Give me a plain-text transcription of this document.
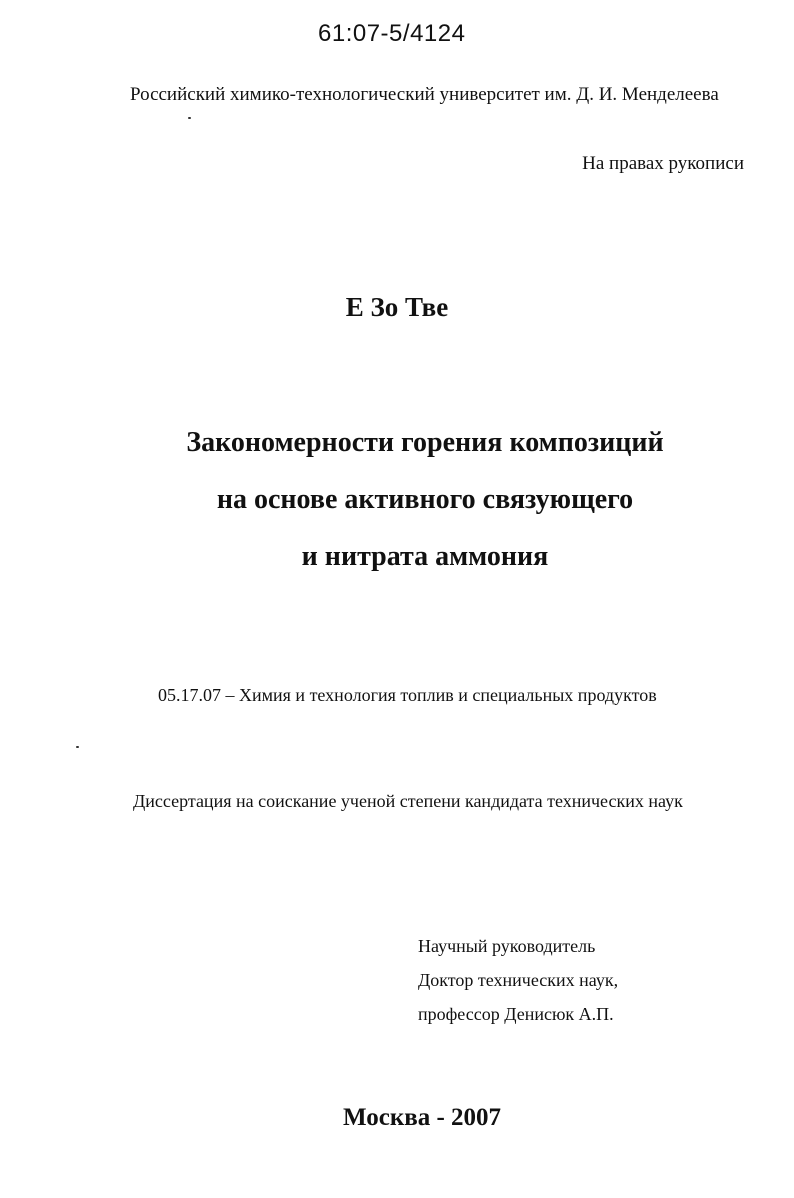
61:07-5/4124
Российский химико-технологический университет им. Д. И. Менделеева
На правах рукописи
Е Зо Тве
Закономерности горения композиций
на основе активного связующего
и нитрата аммония
05.17.07 – Химия и технология топлив и специальных продуктов
Диссертация на соискание ученой степени кандидата технических наук
Научный руководитель
Доктор технических наук,
профессор Денисюк А.П.
Москва - 2007
